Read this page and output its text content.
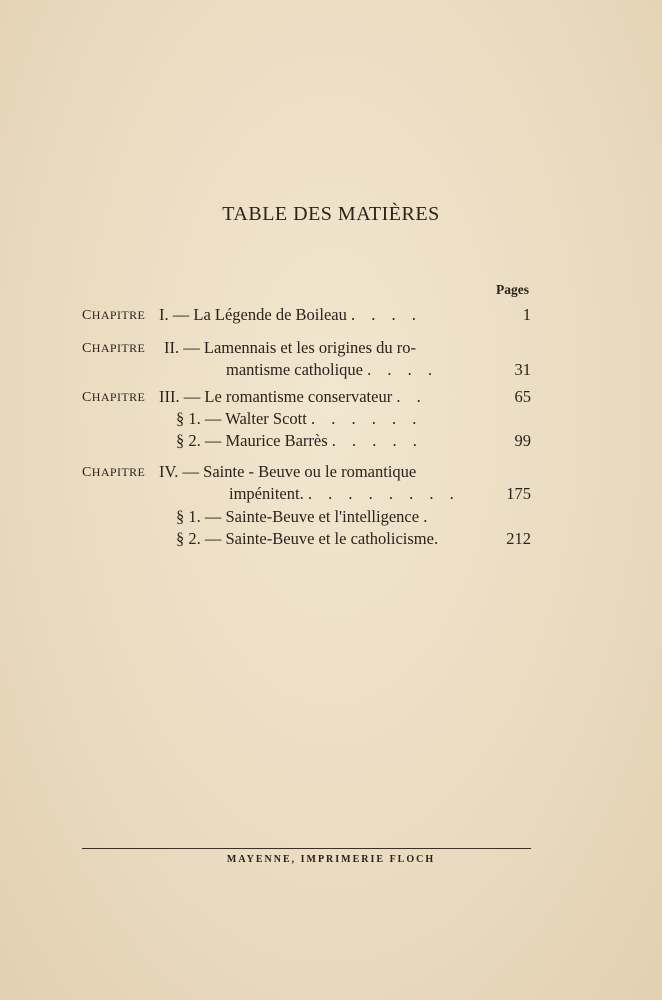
TABLE DES MATIÈRES
Pages
CHAPITRE I. — La Légende de Boileau . . . .	1
CHAPITRE II. — Lamennais et les origines du ro-
mantisme catholique . . . .	31
CHAPITRE III. — Le romantisme conservateur . .	65
§ 1. — Walter Scott . . . . . .
§ 2. — Maurice Barrès . . . . .	99
CHAPITRE IV. — Sainte - Beuve ou le romantique
impénitent. . . . . . . . .	175
§ 1. — Sainte-Beuve et l'intelligence .
§ 2. — Sainte-Beuve et le catholicisme.	212
MAYENNE, IMPRIMERIE FLOCH
